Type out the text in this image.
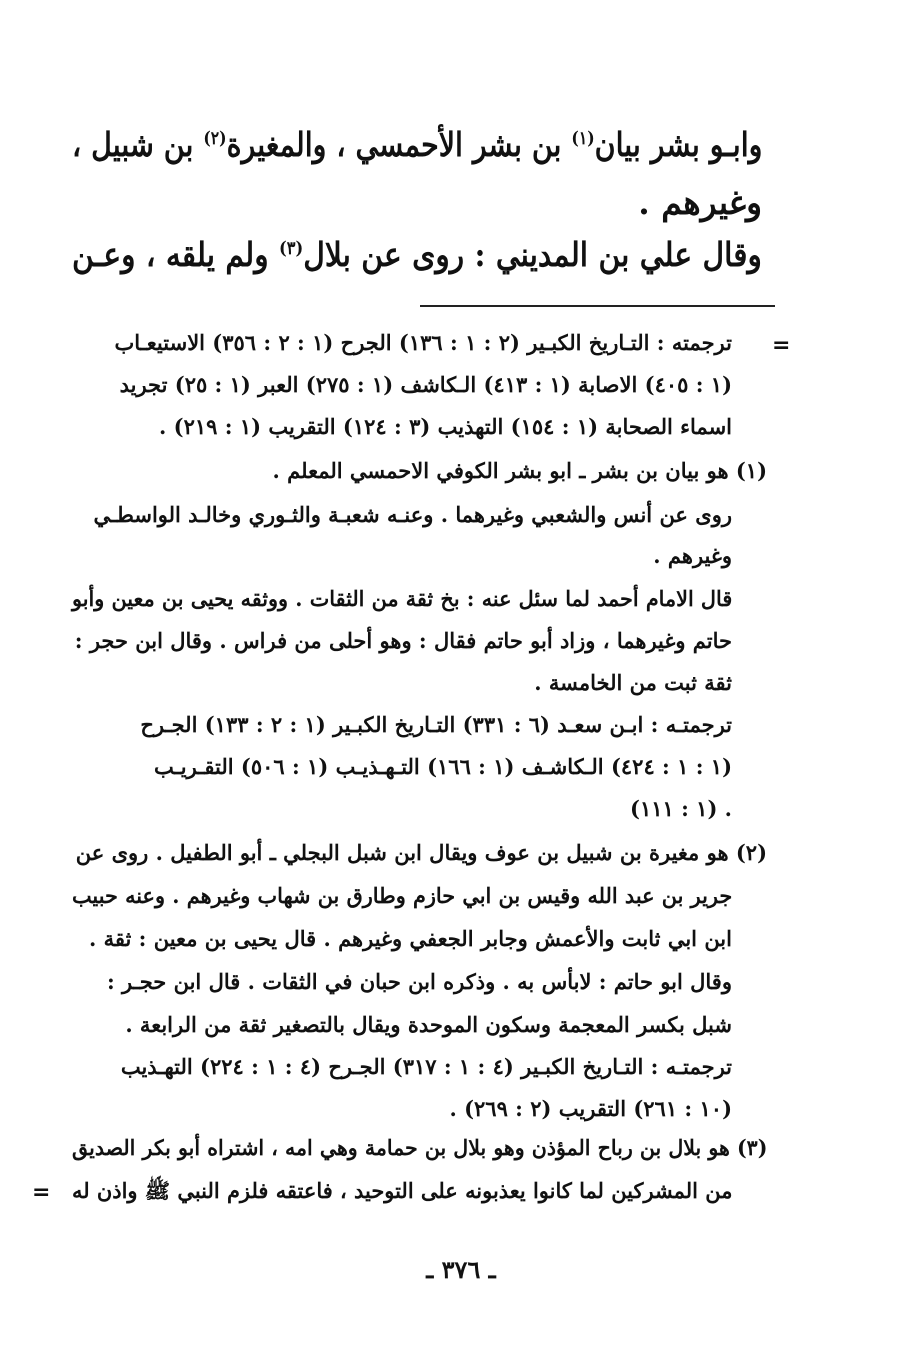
وابـو بشر بيان$^{(١)}$ بن بشر الأحمسي ، والمغيرة$^{(٢)}$ بن شبيل ،
وغيرهم .
وقال علي بن المديني : روى عن بلال$^{(٣)}$ ولم يلقه ، وعـن
=
ترجمته : التـاريخ الكبـير (٢ : ١ : ١٣٦) الجرح (١ : ٢ : ٣٥٦) الاستيعـاب
(١ : ٤٠٥) الاصابة (١ : ٤١٣) الـكاشف (١ : ٢٧٥) العبر (١ : ٢٥) تجريد
اسماء الصحابة (١ : ١٥٤) التهذيب (٣ : ١٢٤) التقريب (١ : ٢١٩) .
(١) هو بيان بن بشر ـ ابو بشر الكوفي الاحمسي المعلم .
روى عن أنس والشعبي وغيرهما . وعنـه شعبـة والثـوري وخالـد الواسطـي
وغيرهم .
قال الامام أحمد لما سئل عنه : بخ ثقة من الثقات . ووثقه يحيى بن معين وأبو
حاتم وغيرهما ، وزاد أبو حاتم فقال : وهو أحلى من فراس . وقال ابن حجر :
ثقة ثبت من الخامسة .
ترجمتـه : ابـن سعـد (٦ : ٣٣١) التـاريخ الكبـير (١ : ٢ : ١٣٣) الجـرح
(١ : ١ : ٤٢٤) الـكاشـف (١ : ١٦٦) التـهـذيـب (١ : ٥٠٦) التقـريـب
(١ : ١١١) .
(٢) هو مغيرة بن شبيل بن عوف ويقال ابن شبل البجلي ـ أبو الطفيل . روى عن
جرير بن عبد الله وقيس بن ابي حازم وطارق بن شهاب وغيرهم . وعنه حبيب
ابن ابي ثابت والأعمش وجابر الجعفي وغيرهم . قال يحيى بن معين : ثقة .
وقال ابو حاتم : لابأس به . وذكره ابن حبان في الثقات . قال ابن حجـر :
شبل بكسر المعجمة وسكون الموحدة ويقال بالتصغير ثقة من الرابعة .
ترجمتـه : التـاريخ الكبـير (٤ : ١ : ٣١٧) الجـرح (٤ : ١ : ٢٢٤) التهـذيب
(١٠ : ٢٦١) التقريب (٢ : ٢٦٩) .
(٣) هو بلال بن رباح المؤذن وهو بلال بن حمامة وهي امه ، اشتراه أبو بكر الصديق
من المشركين لما كانوا يعذبونه على التوحيد ، فاعتقه فلزم النبي ﷺ واذن له
=
ـ ٣٧٦ ـ
